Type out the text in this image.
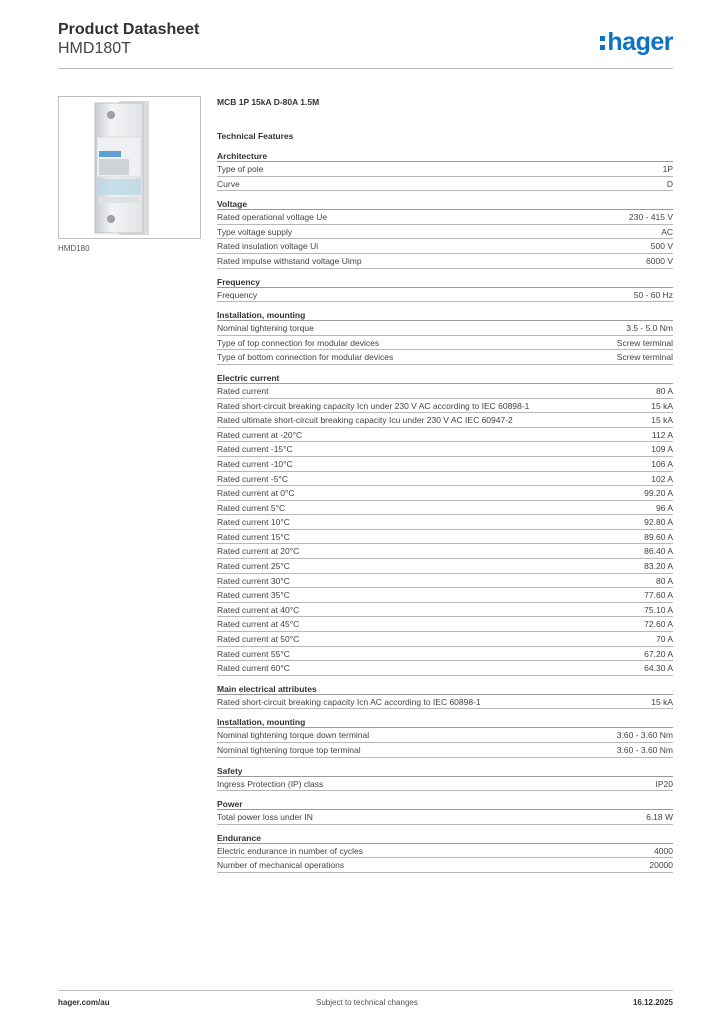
Product Datasheet
HMD180T	hager
HMD180
MCB 1P 15kA D-80A 1.5M
Technical Features
Architecture
Type of pole	1P
Curve	D
Voltage
Rated operational voltage Ue	230 - 415 V
Type voltage supply	AC
Rated insulation voltage Ui	500 V
Rated impulse withstand voltage Uimp	6000 V
Frequency
Frequency	50 - 60 Hz
Installation, mounting
Nominal tightening torque	3.5 - 5.0 Nm
Type of top connection for modular devices	Screw terminal
Type of bottom connection for modular devices	Screw terminal
Electric current
Rated current	80 A
Rated short-circuit breaking capacity Icn under 230 V AC according to IEC 60898-1	15 kA
Rated ultimate short-circuit breaking capacity Icu under 230 V AC IEC 60947-2	15 kA
Rated current at -20°C	112 A
Rated current -15°C	109 A
Rated current -10°C	106 A
Rated current -5°C	102 A
Rated current at 0°C	99.20 A
Rated current 5°C	96 A
Rated current 10°C	92.80 A
Rated current 15°C	89.60 A
Rated current at 20°C	86.40 A
Rated current 25°C	83.20 A
Rated current 30°C	80 A
Rated current 35°C	77.60 A
Rated current at 40°C	75.10 A
Rated current at 45°C	72.60 A
Rated current at 50°C	70 A
Rated current 55°C	67.20 A
Rated current 60°C	64.30 A
Main electrical attributes
Rated short-circuit breaking capacity Icn AC according to IEC 60898-1	15 kA
Installation, mounting
Nominal tightening torque down terminal	3.60 - 3.60 Nm
Nominal tightening torque top terminal	3.60 - 3.60 Nm
Safety
Ingress Protection (IP) class	IP20
Power
Total power loss under IN	6.18 W
Endurance
Electric endurance in number of cycles	4000
Number of mechanical operations	20000
hager.com/au	Subject to technical changes	16.12.2025
